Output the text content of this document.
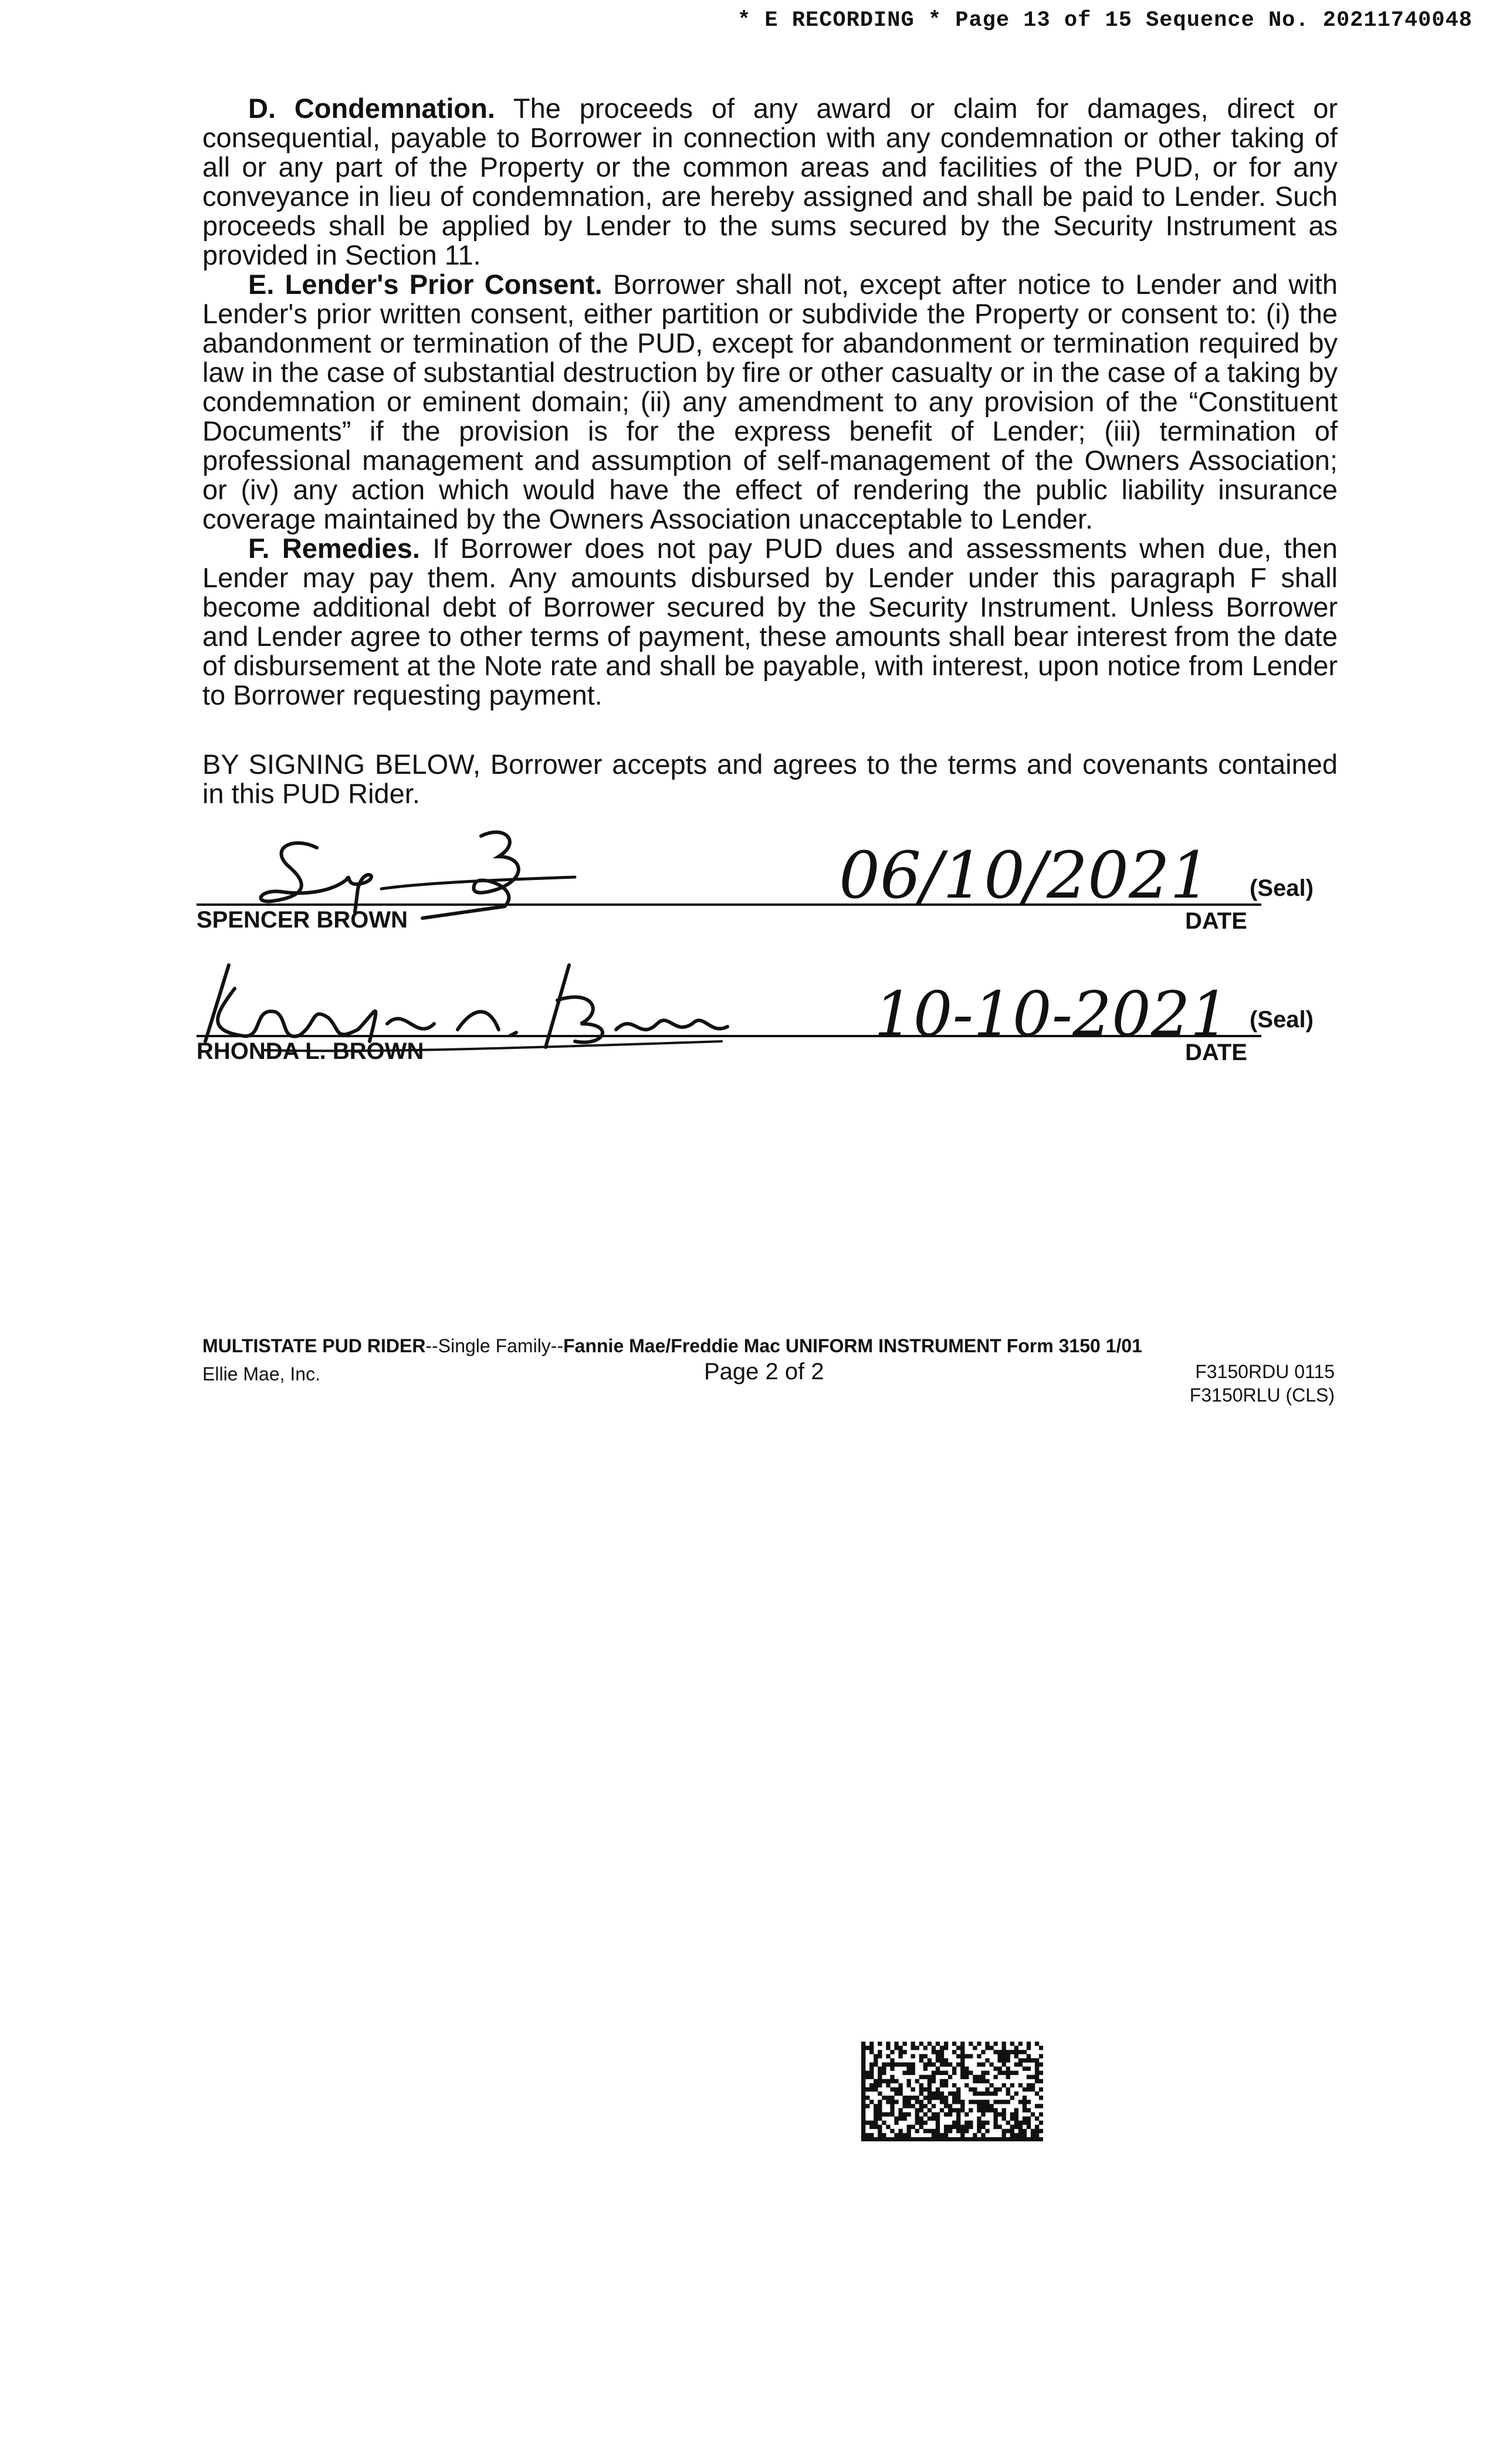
* E RECORDING * Page 13 of 15 Sequence No. 20211740048

D. Condemnation. The proceeds of any award or claim for damages, direct or consequential, payable to Borrower in connection with any condemnation or other taking of all or any part of the Property or the common areas and facilities of the PUD, or for any conveyance in lieu of condemnation, are hereby assigned and shall be paid to Lender. Such proceeds shall be applied by Lender to the sums secured by the Security Instrument as provided in Section 11.

E. Lender's Prior Consent. Borrower shall not, except after notice to Lender and with Lender's prior written consent, either partition or subdivide the Property or consent to: (i) the abandonment or termination of the PUD, except for abandonment or termination required by law in the case of substantial destruction by fire or other casualty or in the case of a taking by condemnation or eminent domain; (ii) any amendment to any provision of the “Constituent Documents” if the provision is for the express benefit of Lender; (iii) termination of professional management and assumption of self-management of the Owners Association; or (iv) any action which would have the effect of rendering the public liability insurance coverage maintained by the Owners Association unacceptable to Lender.

F. Remedies. If Borrower does not pay PUD dues and assessments when due, then Lender may pay them. Any amounts disbursed by Lender under this paragraph F shall become additional debt of Borrower secured by the Security Instrument. Unless Borrower and Lender agree to other terms of payment, these amounts shall bear interest from the date of disbursement at the Note rate and shall be payable, with interest, upon notice from Lender to Borrower requesting payment.

BY SIGNING BELOW, Borrower accepts and agrees to the terms and covenants contained in this PUD Rider.
06/10/2021 (Seal)
SPENCER BROWN	DATE
10-10-2021 (Seal)
RHONDA L. BROWN	DATE
MULTISTATE PUD RIDER--Single Family--Fannie Mae/Freddie Mac UNIFORM INSTRUMENT Form 3150 1/01
Ellie Mae, Inc.	Page 2 of 2	F3150RDU 0115
F3150RLU (CLS)
